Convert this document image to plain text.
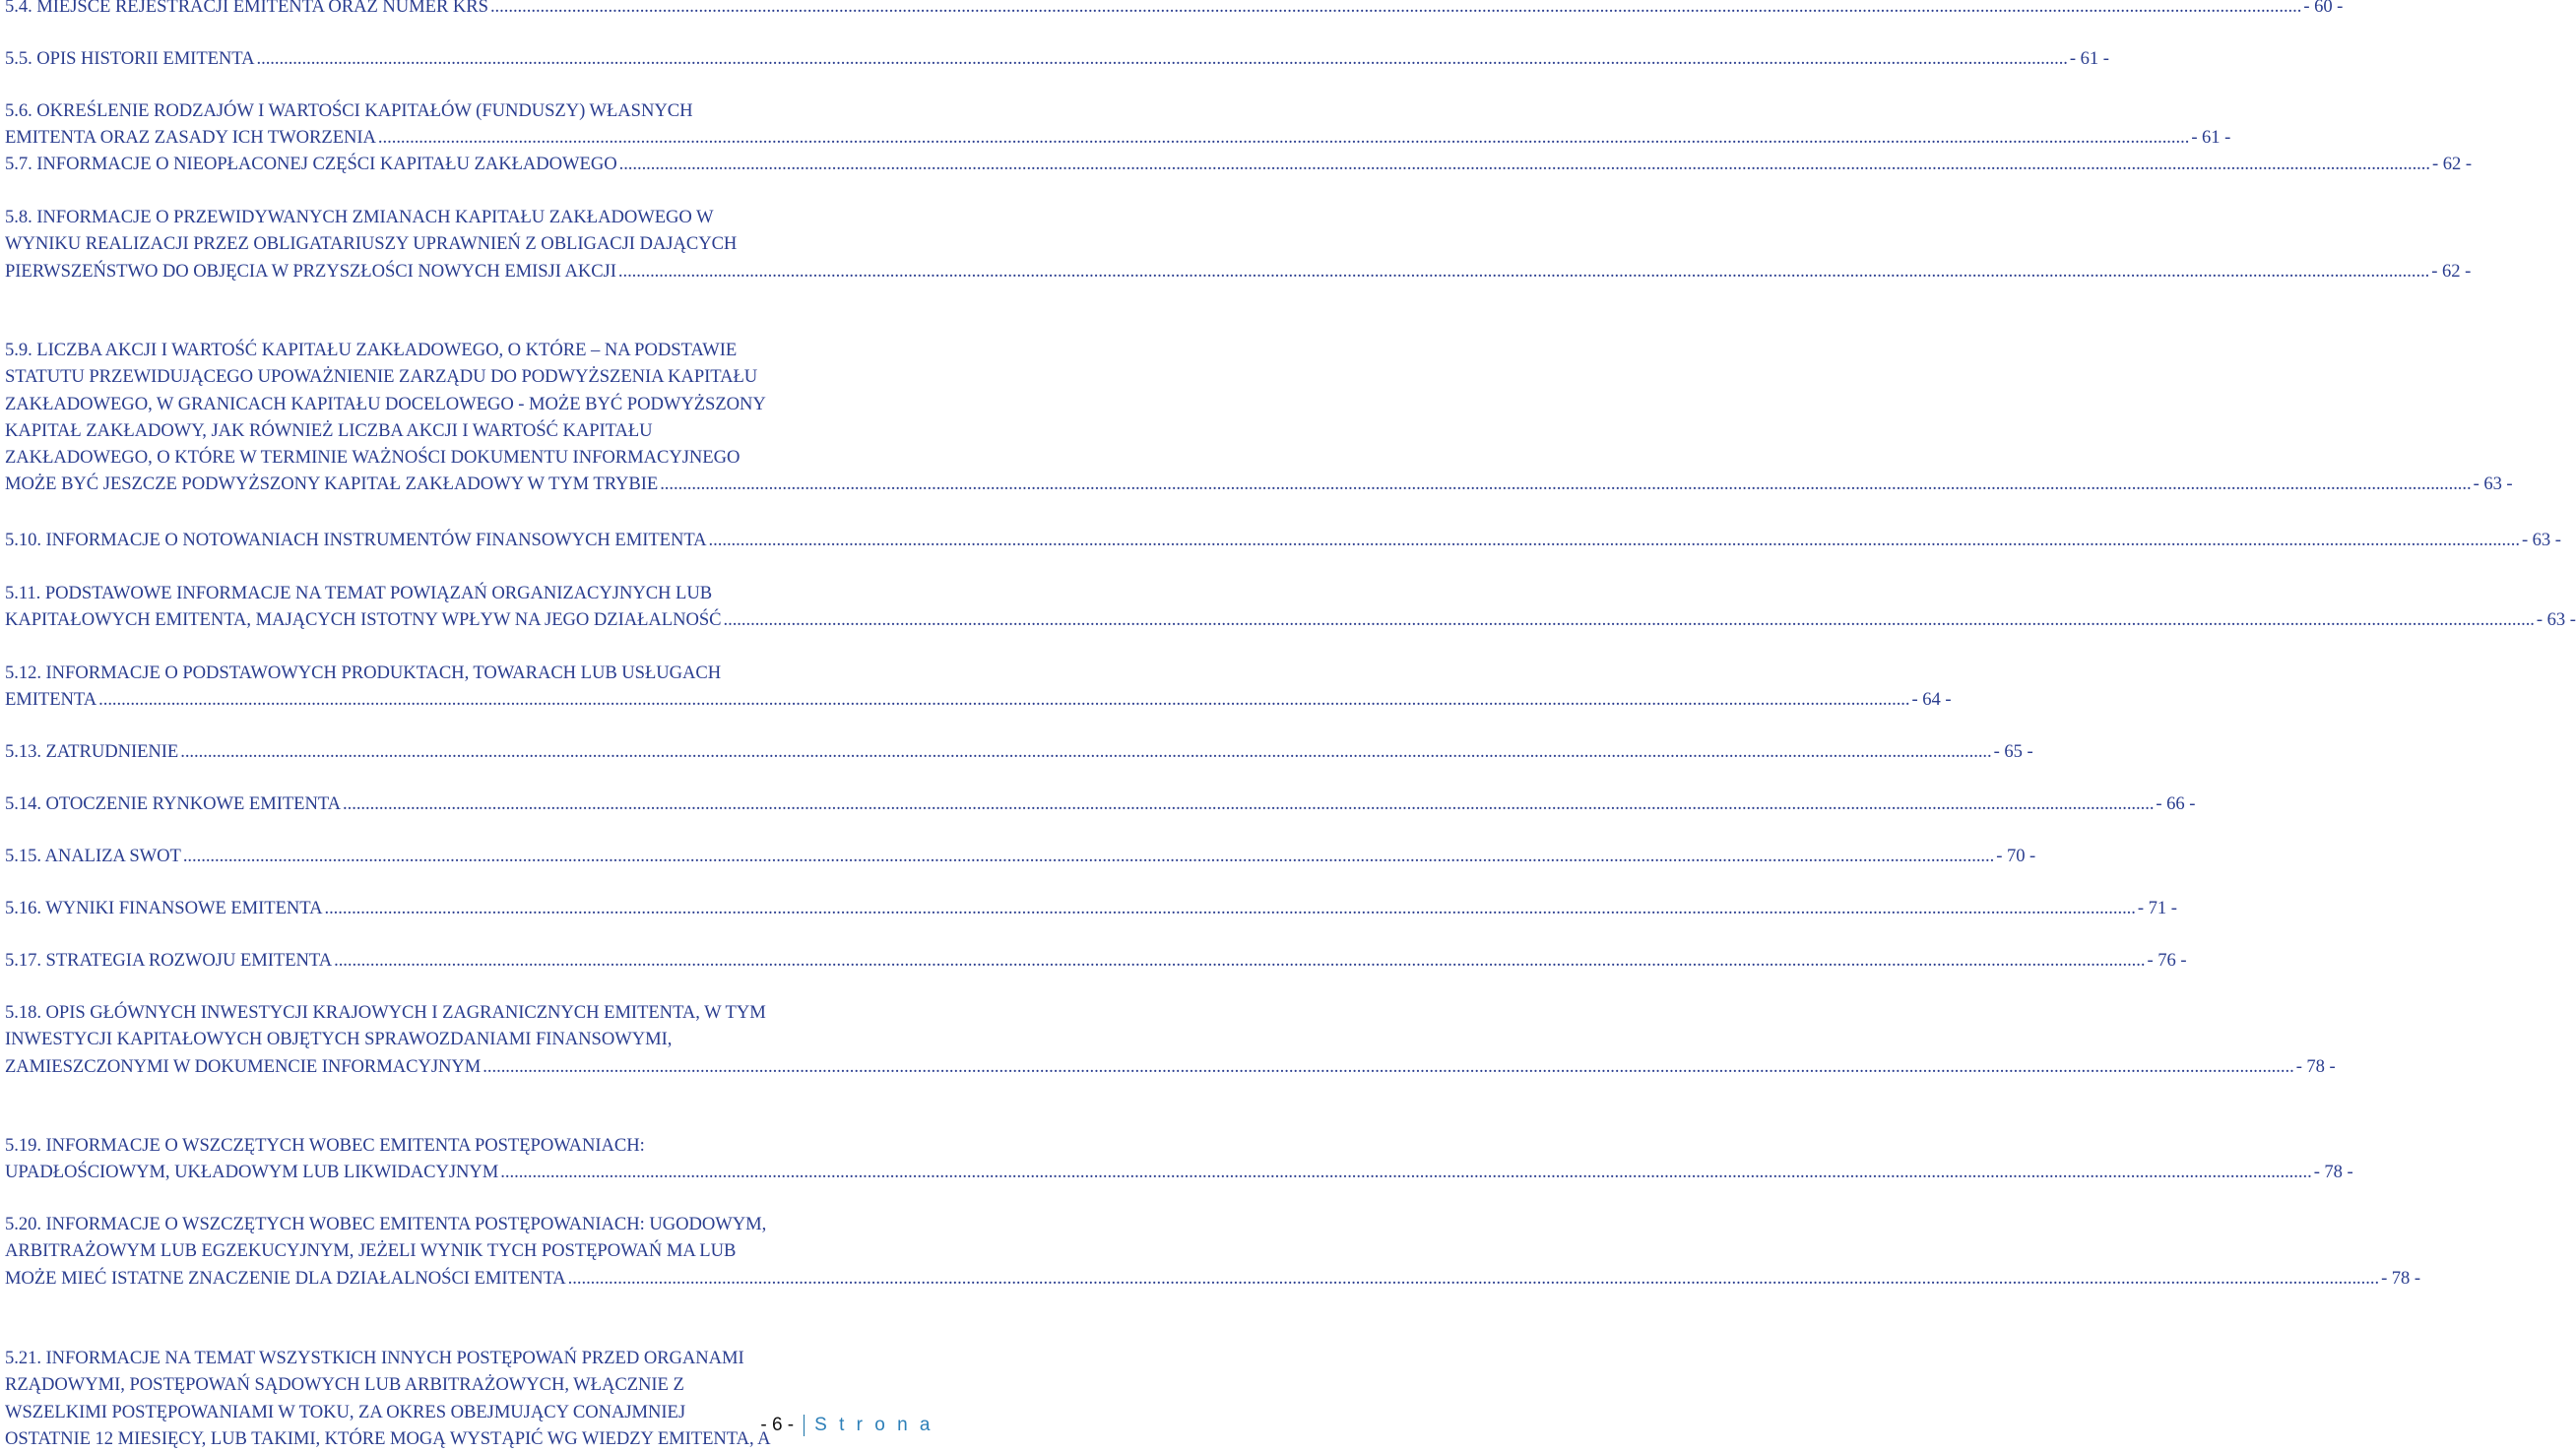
5.4. MIEJSCE REJESTRACJI EMITENTA ORAZ NUMER KRS ................................................................................................................................................................................................................................................................................................................................................................................................................ - 60 -
5.5. OPIS HISTORII EMITENTA ................................................................................................................................................................................................................................................................................................................................................................................................................ - 61 -
5.6. OKREŚLENIE RODZAJÓW I WARTOŚCI KAPITAŁÓW (FUNDUSZY) WŁASNYCH
EMITENTA ORAZ ZASADY ICH TWORZENIA ................................................................................................................................................................................................................................................................................................................................................................................................................ - 61 -
5.7. INFORMACJE O NIEOPŁACONEJ CZĘŚCI KAPITAŁU ZAKŁADOWEGO ................................................................................................................................................................................................................................................................................................................................................................................................................ - 62 -
5.8. INFORMACJE O PRZEWIDYWANYCH ZMIANACH KAPITAŁU ZAKŁADOWEGO W
WYNIKU REALIZACJI PRZEZ OBLIGATARIUSZY UPRAWNIEŃ Z OBLIGACJI DAJĄCYCH
PIERWSZEŃSTWO DO OBJĘCIA W PRZYSZŁOŚCI NOWYCH EMISJI AKCJI ................................................................................................................................................................................................................................................................................................................................................................................................................ - 62 -
5.9. LICZBA AKCJI I WARTOŚĆ KAPITAŁU ZAKŁADOWEGO, O KTÓRE – NA PODSTAWIE
STATUTU PRZEWIDUJĄCEGO UPOWAŻNIENIE ZARZĄDU DO PODWYŻSZENIA KAPITAŁU
ZAKŁADOWEGO, W GRANICACH KAPITAŁU DOCELOWEGO - MOŻE BYĆ PODWYŻSZONY
KAPITAŁ ZAKŁADOWY, JAK RÓWNIEŻ LICZBA AKCJI I WARTOŚĆ KAPITAŁU
ZAKŁADOWEGO, O KTÓRE W TERMINIE WAŻNOŚCI DOKUMENTU INFORMACYJNEGO
MOŻE BYĆ JESZCZE PODWYŻSZONY KAPITAŁ ZAKŁADOWY W TYM TRYBIE ................................................................................................................................................................................................................................................................................................................................................................................................................ - 63 -
5.10. INFORMACJE O NOTOWANIACH INSTRUMENTÓW FINANSOWYCH EMITENTA ................................................................................................................................................................................................................................................................................................................................................................................................................ - 63 -
5.11. PODSTAWOWE INFORMACJE NA TEMAT POWIĄZAŃ ORGANIZACYJNYCH LUB
KAPITAŁOWYCH EMITENTA, MAJĄCYCH ISTOTNY WPŁYW NA JEGO DZIAŁALNOŚĆ ................................................................................................................................................................................................................................................................................................................................................................................................................ - 63 -
5.12. INFORMACJE O PODSTAWOWYCH PRODUKTACH, TOWARACH LUB USŁUGACH
EMITENTA ................................................................................................................................................................................................................................................................................................................................................................................................................ - 64 -
5.13. ZATRUDNIENIE ................................................................................................................................................................................................................................................................................................................................................................................................................ - 65 -
5.14. OTOCZENIE RYNKOWE EMITENTA ................................................................................................................................................................................................................................................................................................................................................................................................................ - 66 -
5.15. ANALIZA SWOT ................................................................................................................................................................................................................................................................................................................................................................................................................ - 70 -
5.16. WYNIKI FINANSOWE EMITENTA ................................................................................................................................................................................................................................................................................................................................................................................................................ - 71 -
5.17. STRATEGIA ROZWOJU EMITENTA ................................................................................................................................................................................................................................................................................................................................................................................................................ - 76 -
5.18. OPIS GŁÓWNYCH INWESTYCJI KRAJOWYCH I ZAGRANICZNYCH EMITENTA, W TYM
INWESTYCJI KAPITAŁOWYCH OBJĘTYCH SPRAWOZDANIAMI FINANSOWYMI,
ZAMIESZCZONYMI W DOKUMENCIE INFORMACYJNYM ................................................................................................................................................................................................................................................................................................................................................................................................................ - 78 -
5.19. INFORMACJE O WSZCZĘTYCH WOBEC EMITENTA POSTĘPOWANIACH:
UPADŁOŚCIOWYM, UKŁADOWYM LUB LIKWIDACYJNYM ................................................................................................................................................................................................................................................................................................................................................................................................................ - 78 -
5.20. INFORMACJE O WSZCZĘTYCH WOBEC EMITENTA POSTĘPOWANIACH: UGODOWYM,
ARBITRAŻOWYM LUB EGZEKUCYJNYM, JEŻELI WYNIK TYCH POSTĘPOWAŃ MA LUB
MOŻE MIEĆ ISTATNE ZNACZENIE DLA DZIAŁALNOŚCI EMITENTA ................................................................................................................................................................................................................................................................................................................................................................................................................ - 78 -
5.21. INFORMACJE NA TEMAT WSZYSTKICH INNYCH POSTĘPOWAŃ PRZED ORGANAMI
RZĄDOWYMI, POSTĘPOWAŃ SĄDOWYCH LUB ARBITRAŻOWYCH, WŁĄCZNIE Z
WSZELKIMI POSTĘPOWANIAMI W TOKU, ZA OKRES OBEJMUJĄCY CONAJMNIEJ
OSTATNIE 12 MIESIĘCY, LUB TAKIMI, KTÓRE MOGĄ WYSTĄPIĆ WG WIEDZY EMITENTA, A
- 6 - S t r o n a
